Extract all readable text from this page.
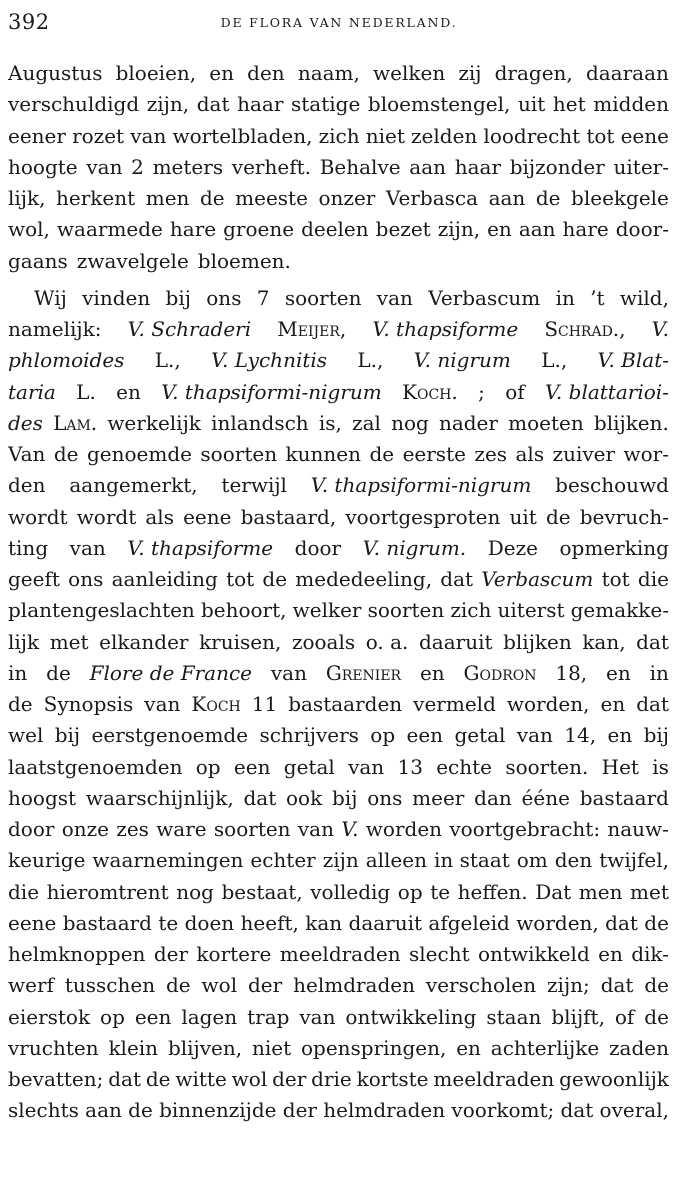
392	DE FLORA VAN NEDERLAND.
Augustus bloeien, en den naam, welken zij dragen, daaraan
verschuldigd zijn, dat haar statige bloemstengel, uit het midden
eener rozet van wortelbladen, zich niet zelden loodrecht tot eene
hoogte van 2 meters verheft. Behalve aan haar bijzonder uiter-
lijk, herkent men de meeste onzer Verbasca aan de bleekgele
wol, waarmede hare groene deelen bezet zijn, en aan hare door-
gaans zwavelgele bloemen.
Wij vinden bij ons 7 soorten van Verbascum in ’t wild,
namelijk: V. Schraderi Meijer, V. thapsiforme Schrad., V.
phlomoides L., V. Lychnitis L., V. nigrum L., V. Blat-
taria L. en V. thapsiformi-nigrum Koch. ; of V. blattarioi-
des Lam. werkelijk inlandsch is, zal nog nader moeten blijken.
Van de genoemde soorten kunnen de eerste zes als zuiver wor-
den aangemerkt, terwijl V. thapsiformi-nigrum beschouwd
wordt wordt als eene bastaard, voortgesproten uit de bevruch-
ting van V. thapsiforme door V. nigrum. Deze opmerking
geeft ons aanleiding tot de mededeeling, dat Verbascum tot die
plantengeslachten behoort, welker soorten zich uiterst gemakke-
lijk met elkander kruisen, zooals o. a. daaruit blijken kan, dat
in de Flore de France van Grenier en Godron 18, en in
de Synopsis van Koch 11 bastaarden vermeld worden, en dat
wel bij eerstgenoemde schrijvers op een getal van 14, en bij
laatstgenoemden op een getal van 13 echte soorten. Het is
hoogst waarschijnlijk, dat ook bij ons meer dan éénе bastaard
door onze zes ware soorten van V. worden voortgebracht: nauw-
keurige waarnemingen echter zijn alleen in staat om den twijfel,
die hieromtrent nog bestaat, volledig op te heffen. Dat men met
eene bastaard te doen heeft, kan daaruit afgeleid worden, dat de
helmknoppen der kortere meeldraden slecht ontwikkeld en dik-
werf tusschen de wol der helmdraden verscholen zijn; dat de
eierstok op een lagen trap van ontwikkeling staan blijft, of de
vruchten klein blijven, niet openspringen, en achterlijke zaden
bevatten; dat de witte wol der drie kortste meeldraden gewoonlijk
slechts aan de binnenzijde der helmdraden voorkomt; dat overal,
